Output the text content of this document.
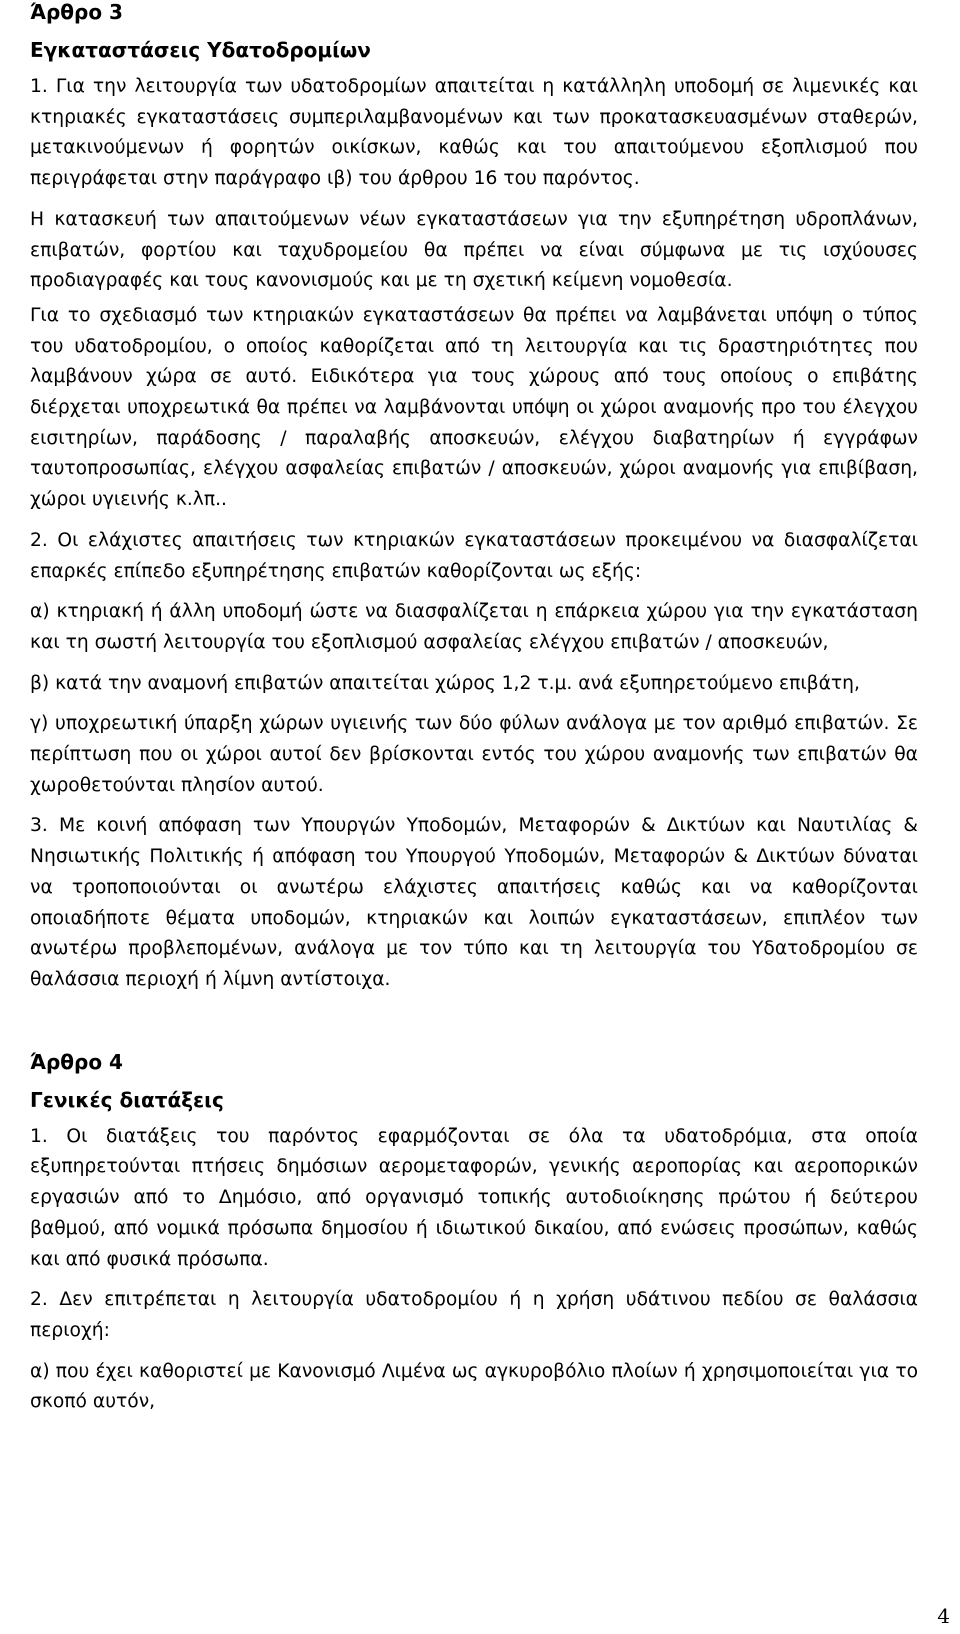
Άρθρο 3
Εγκαταστάσεις Υδατοδρομίων

1. Για την λειτουργία των υδατοδρομίων απαιτείται η κατάλληλη υποδομή σε λιμενικές και κτηριακές εγκαταστάσεις συμπεριλαμβανομένων και των προκατασκευασμένων σταθερών, μετακινούμενων ή φορητών οικίσκων, καθώς και του απαιτούμενου εξοπλισμού που περιγράφεται στην παράγραφο ιβ) του άρθρου 16 του παρόντος.

Η κατασκευή των απαιτούμενων νέων εγκαταστάσεων για την εξυπηρέτηση υδροπλάνων, επιβατών, φορτίου και ταχυδρομείου θα πρέπει να είναι σύμφωνα με τις ισχύουσες προδιαγραφές και τους κανονισμούς και με τη σχετική κείμενη νομοθεσία.

Για το σχεδιασμό των κτηριακών εγκαταστάσεων θα πρέπει να λαμβάνεται υπόψη ο τύπος του υδατοδρομίου, ο οποίος καθορίζεται από τη λειτουργία και τις δραστηριότητες που λαμβάνουν χώρα σε αυτό. Ειδικότερα για τους χώρους από τους οποίους ο επιβάτης διέρχεται υποχρεωτικά θα πρέπει να λαμβάνονται υπόψη οι χώροι αναμονής προ του έλεγχου εισιτηρίων, παράδοσης / παραλαβής αποσκευών, ελέγχου διαβατηρίων ή εγγράφων ταυτοπροσωπίας, ελέγχου ασφαλείας επιβατών / αποσκευών, χώροι αναμονής για επιβίβαση, χώροι υγιεινής κ.λπ..

2. Οι ελάχιστες απαιτήσεις των κτηριακών εγκαταστάσεων προκειμένου να διασφαλίζεται επαρκές επίπεδο εξυπηρέτησης επιβατών καθορίζονται ως εξής:

α) κτηριακή ή άλλη υποδομή ώστε να διασφαλίζεται η επάρκεια χώρου για την εγκατάσταση και τη σωστή λειτουργία του εξοπλισμού ασφαλείας ελέγχου επιβατών / αποσκευών,

β) κατά την αναμονή επιβατών απαιτείται χώρος 1,2 τ.μ. ανά εξυπηρετούμενο επιβάτη,

γ) υποχρεωτική ύπαρξη χώρων υγιεινής των δύο φύλων ανάλογα με τον αριθμό επιβατών. Σε περίπτωση που οι χώροι αυτοί δεν βρίσκονται εντός του χώρου αναμονής των επιβατών θα χωροθετούνται πλησίον αυτού.

3. Με κοινή απόφαση των Υπουργών Υποδομών, Μεταφορών & Δικτύων και Ναυτιλίας & Νησιωτικής Πολιτικής ή απόφαση του Υπουργού Υποδομών, Μεταφορών & Δικτύων δύναται να τροποποιούνται οι ανωτέρω ελάχιστες απαιτήσεις καθώς και να καθορίζονται οποιαδήποτε θέματα υποδομών, κτηριακών και λοιπών εγκαταστάσεων, επιπλέον των ανωτέρω προβλεπομένων, ανάλογα με τον τύπο και τη λειτουργία του Υδατοδρομίου σε θαλάσσια περιοχή ή λίμνη αντίστοιχα.

Άρθρο 4
Γενικές διατάξεις

1. Οι διατάξεις του παρόντος εφαρμόζονται σε όλα τα υδατοδρόμια, στα οποία εξυπηρετούνται πτήσεις δημόσιων αερομεταφορών, γενικής αεροπορίας και αεροπορικών εργασιών από το Δημόσιο, από οργανισμό τοπικής αυτοδιοίκησης πρώτου ή δεύτερου βαθμού, από νομικά πρόσωπα δημοσίου ή ιδιωτικού δικαίου, από ενώσεις προσώπων, καθώς και από φυσικά πρόσωπα.

2. Δεν επιτρέπεται η λειτουργία υδατοδρομίου ή η χρήση υδάτινου πεδίου σε θαλάσσια περιοχή:

α) που έχει καθοριστεί με Κανονισμό Λιμένα ως αγκυροβόλιο πλοίων ή χρησιμοποιείται για το σκοπό αυτόν,

4
